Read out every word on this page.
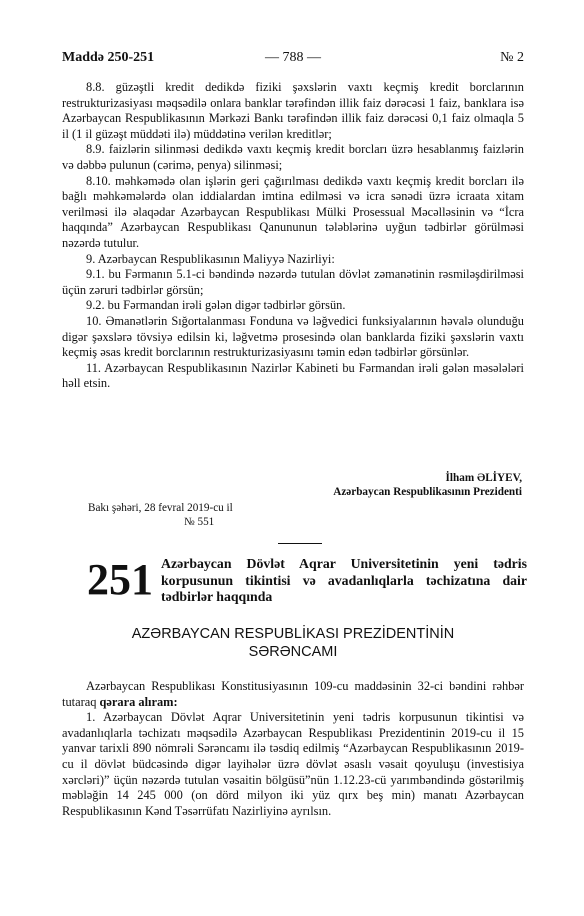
Maddə 250-251	— 788 —	№ 2

8.8. güzəştli kredit dedikdə fiziki şəxslərin vaxtı keçmiş kredit borclarının restrukturizasiyası məqsədilə onlara banklar tərəfindən illik faiz dərəcəsi 1 faiz, banklara isə Azərbaycan Respublikasının Mərkəzi Bankı tərəfindən illik faiz dərəcəsi 0,1 faiz olmaqla 5 il (1 il güzəşt müddəti ilə) müddətinə verilən kreditlər;

8.9. faizlərin silinməsi dedikdə vaxtı keçmiş kredit borcları üzrə hesablanmış faizlərin və dəbbə pulunun (cərimə, penya) silinməsi;

8.10. məhkəmədə olan işlərin geri çağırılması dedikdə vaxtı keçmiş kredit borcları ilə bağlı məhkəmələrdə olan iddialardan imtina edilməsi və icra sənədi üzrə icraata xitam verilməsi ilə əlaqədar Azərbaycan Respublikası Mülki Prosessual Məcəlləsinin və “İcra haqqında” Azərbaycan Respublikası Qanununun tələblərinə uyğun tədbirlər görülməsi nəzərdə tutulur.

9. Azərbaycan Respublikasının Maliyyə Nazirliyi:

9.1. bu Fərmanın 5.1-ci bəndində nəzərdə tutulan dövlət zəmanətinin rəsmiləşdirilməsi üçün zəruri tədbirlər görsün;

9.2. bu Fərmandan irəli gələn digər tədbirlər görsün.

10. Əmanətlərin Sığortalanması Fonduna və ləğvedici funksiyalarının həvalə olunduğu digər şəxslərə tövsiyə edilsin ki, ləğvetmə prosesində olan banklarda fiziki şəxslərin vaxtı keçmiş əsas kredit borclarının restrukturizasiyasını təmin edən tədbirlər görsünlər.

11. Azərbaycan Respublikasının Nazirlər Kabineti bu Fərmandan irəli gələn məsələləri həll etsin.

İlham ƏLİYEV,
Azərbaycan Respublikasının Prezidenti
Bakı şəhəri, 28 fevral 2019-cu il
№ 551
251 Azərbaycan Dövlət Aqrar Universitetinin yeni tədris korpusunun tikintisi və avadanlıqlarla təchizatına dair tədbirlər haqqında
AZƏRBAYCAN RESPUBLİKASI PREZİDENTİNİN
SƏRƏNCAMI

Azərbaycan Respublikası Konstitusiyasının 109-cu maddəsinin 32-ci bəndini rəhbər tutaraq qərara alıram:

1. Azərbaycan Dövlət Aqrar Universitetinin yeni tədris korpusunun tikintisi və avadanlıqlarla təchizatı məqsədilə Azərbaycan Respublikası Prezidentinin 2019-cu il 15 yanvar tarixli 890 nömrəli Sərəncamı ilə təsdiq edilmiş “Azərbaycan Respublikasının 2019-cu il dövlət büdcəsində digər layihələr üzrə dövlət əsaslı vəsait qoyuluşu (investisiya xərcləri)” üçün nəzərdə tutulan vəsaitin bölgüsü”nün 1.12.23-cü yarımbəndində göstərilmiş məbləğin 14 245 000 (on dörd milyon iki yüz qırx beş min) manatı Azərbaycan Respublikasının Kənd Təsərrüfatı Nazirliyinə ayrılsın.
